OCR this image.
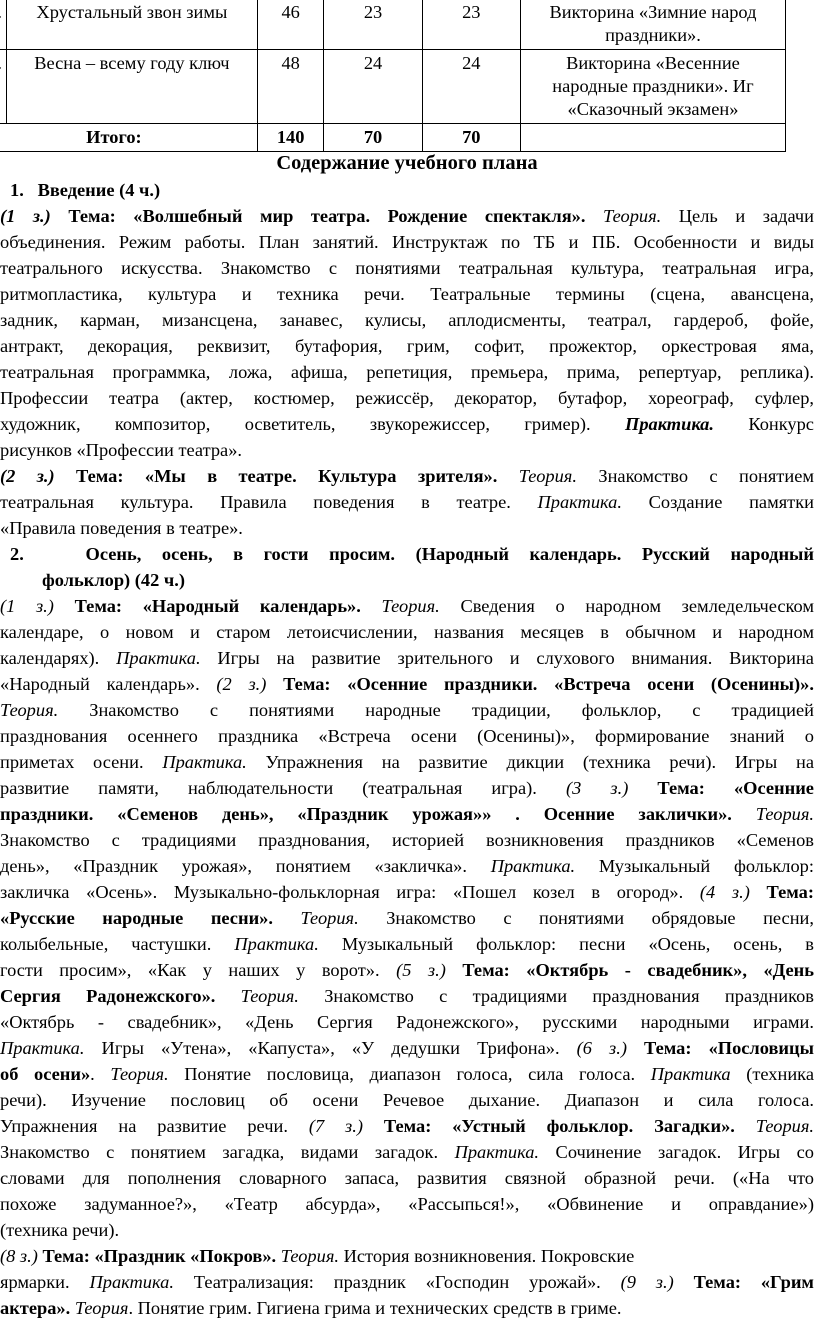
	Хрустальный звон зимы	46	23	23	Викторина «Зимние народ
праздники».

	Весна – всему году ключ	48	24	24	Викторина «Весенние
народные праздники». Иг
«Сказочный экзамен»

Итого:		140	70	70	
Содержание учебного плана
1. Введение (4 ч.)

(1 з.) Тема: «Волшебный мир театра. Рождение спектакля». Теория. Цель и задачи
объединения. Режим работы. План занятий. Инструктаж по ТБ и ПБ. Особенности и виды
театрального искусства. Знакомство с понятиями театральная культура, театральная игра,
ритмопластика, культура и техника речи. Театральные термины (сцена, авансцена,
задник, карман, мизансцена, занавес, кулисы, аплодисменты, театрал, гардероб, фойе,
антракт, декорация, реквизит, бутафория, грим, софит, прожектор, оркестровая яма,
театральная программка, ложа, афиша, репетиция, премьера, прима, репертуар, реплика).
Профессии театра (актер, костюмер, режиссёр, декоратор, бутафор, хореограф, суфлер,
художник, композитор, осветитель, звукорежиссер, гример). Практика. Конкурс
рисунков «Профессии театра».

(2 з.) Тема: «Мы в театре. Культура зрителя». Теория. Знакомство с понятием
театральная культура. Правила поведения в театре. Практика. Создание памятки
«Правила поведения в театре».

2.	Осень, осень, в гости просим. (Народный календарь. Русский народный
фольклор) (42 ч.)

(1 з.) Тема: «Народный календарь». Теория. Сведения о народном земледельческом
календаре, о новом и старом летоисчислении, названия месяцев в обычном и народном
календарях). Практика. Игры на развитие зрительного и слухового внимания. Викторина
«Народный календарь». (2 з.) Тема: «Осенние праздники. «Встреча осени (Осенины)».
Теория. Знакомство с понятиями народные традиции, фольклор, с традицией
празднования осеннего праздника «Встреча осени (Осенины)», формирование знаний о
приметах осени. Практика. Упражнения на развитие дикции (техника речи). Игры на
развитие памяти, наблюдательности (театральная игра). (3 з.) Тема: «Осенние
праздники. «Семенов день», «Праздник урожая»» . Осенние заклички». Теория.
Знакомство с традициями празднования, историей возникновения праздников «Семенов
день», «Праздник урожая», понятием «закличка». Практика. Музыкальный фольклор:
закличка «Осень». Музыкально-фольклорная игра: «Пошел козел в огород». (4 з.) Тема:
«Русские народные песни». Теория. Знакомство с понятиями обрядовые песни,
колыбельные, частушки. Практика. Музыкальный фольклор: песни «Осень, осень, в
гости просим», «Как у наших у ворот». (5 з.) Тема: «Октябрь - свадебник», «День
Сергия Радонежского». Теория. Знакомство с традициями празднования праздников
«Октябрь - свадебник», «День Сергия Радонежского», русскими народными играми.
Практика. Игры «Утена», «Капуста», «У дедушки Трифона». (6 з.) Тема: «Пословицы
об осени». Теория. Понятие пословица, диапазон голоса, сила голоса. Практика (техника
речи). Изучение пословиц об осени Речевое дыхание. Диапазон и сила голоса.
Упражнения на развитие речи. (7 з.) Тема: «Устный фольклор. Загадки». Теория.
Знакомство с понятием загадка, видами загадок. Практика. Сочинение загадок. Игры со
словами для пополнения словарного запаса, развития связной образной речи. («На что
похоже задуманное?», «Театр абсурда», «Рассыпься!», «Обвинение и оправдание»)
(техника речи).

(8 з.) Тема: «Праздник «Покров». Теория. История возникновения. Покровские
ярмарки. Практика. Театрализация: праздник «Господин урожай». (9 з.) Тема: «Грим
актера». Теория. Понятие грим. Гигиена грима и технических средств в гриме.
